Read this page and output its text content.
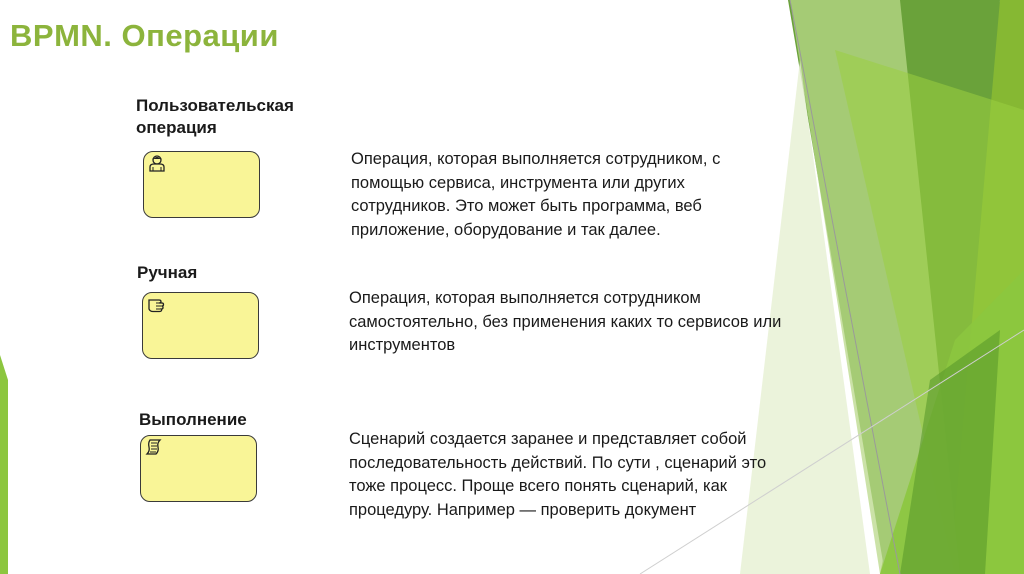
BPMN. Операции
Пользовательская
операция
Операция, которая выполняется сотрудником, с
помощью сервиса, инструмента или других
сотрудников. Это может быть программа, веб
приложение, оборудование и так далее.
Ручная
Операция, которая выполняется сотрудником
самостоятельно, без применения каких то сервисов или
инструментов
Выполнение
Сценарий создается заранее и представляет собой
последовательность действий. По сути , сценарий это
тоже процесс. Проще всего понять сценарий, как
процедуру. Например — проверить документ
